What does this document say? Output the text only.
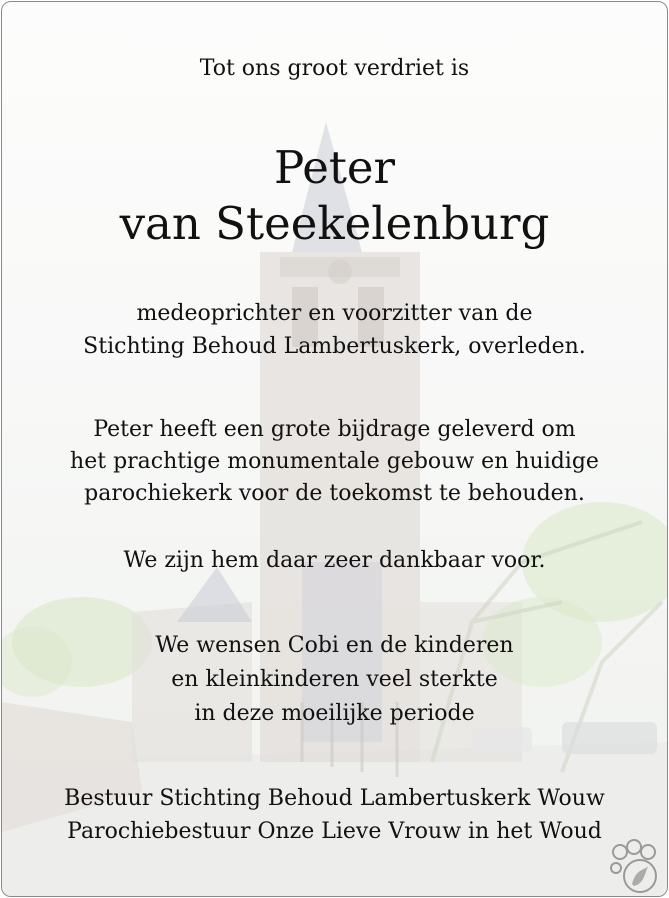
Tot ons groot verdriet is
Peter
van Steekelenburg
medeoprichter en voorzitter van de
Stichting Behoud Lambertuskerk, overleden.
Peter heeft een grote bijdrage geleverd om
het prachtige monumentale gebouw en huidige
parochiekerk voor de toekomst te behouden.
We zijn hem daar zeer dankbaar voor.
We wensen Cobi en de kinderen
en kleinkinderen veel sterkte
in deze moeilijke periode
Bestuur Stichting Behoud Lambertuskerk Wouw
Parochiebestuur Onze Lieve Vrouw in het Woud
